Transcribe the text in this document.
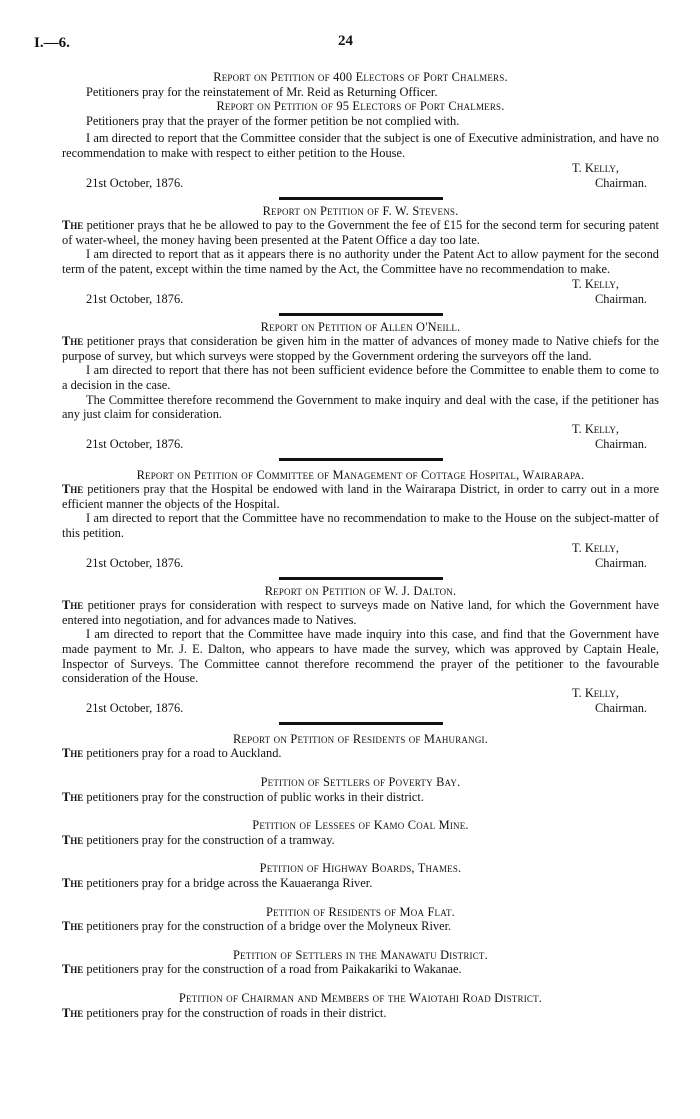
I.—6.	24

Report on Petition of 400 Electors of Port Chalmers.

Petitioners pray for the reinstatement of Mr. Reid as Returning Officer.

Report on Petition of 95 Electors of Port Chalmers.

Petitioners pray that the prayer of the former petition be not complied with.

I am directed to report that the Committee consider that the subject is one of Executive administration, and have no recommendation to make with respect to either petition to the House.

T. Kelly,
Chairman.
21st October, 1876.

Report on Petition of F. W. Stevens.

The petitioner prays that he be allowed to pay to the Government the fee of £15 for the second term for securing patent of water-wheel, the money having been presented at the Patent Office a day too late.

I am directed to report that as it appears there is no authority under the Patent Act to allow payment for the second term of the patent, except within the time named by the Act, the Committee have no recommendation to make.

T. Kelly,
Chairman.
21st October, 1876.

Report on Petition of Allen O'Neill.

The petitioner prays that consideration be given him in the matter of advances of money made to Native chiefs for the purpose of survey, but which surveys were stopped by the Government ordering the surveyors off the land.

I am directed to report that there has not been sufficient evidence before the Committee to enable them to come to a decision in the case.

The Committee therefore recommend the Government to make inquiry and deal with the case, if the petitioner has any just claim for consideration.

T. Kelly,
Chairman.
21st October, 1876.

Report on Petition of Committee of Management of Cottage Hospital, Wairarapa.

The petitioners pray that the Hospital be endowed with land in the Wairarapa District, in order to carry out in a more efficient manner the objects of the Hospital.

I am directed to report that the Committee have no recommendation to make to the House on the subject-matter of this petition.

T. Kelly,
Chairman.
21st October, 1876.

Report on Petition of W. J. Dalton.

The petitioner prays for consideration with respect to surveys made on Native land, for which the Government have entered into negotiation, and for advances made to Natives.

I am directed to report that the Committee have made inquiry into this case, and find that the Government have made payment to Mr. J. E. Dalton, who appears to have made the survey, which was approved by Captain Heale, Inspector of Surveys. The Committee cannot therefore recommend the prayer of the petitioner to the favourable consideration of the House.

T. Kelly,
Chairman.
21st October, 1876.

Report on Petition of Residents of Mahurangi.

The petitioners pray for a road to Auckland.

Petition of Settlers of Poverty Bay.

The petitioners pray for the construction of public works in their district.

Petition of Lessees of Kamo Coal Mine.

The petitioners pray for the construction of a tramway.

Petition of Highway Boards, Thames.

The petitioners pray for a bridge across the Kauaeranga River.

Petition of Residents of Moa Flat.

The petitioners pray for the construction of a bridge over the Molyneux River.

Petition of Settlers in the Manawatu District.

The petitioners pray for the construction of a road from Paikakariki to Wakanae.

Petition of Chairman and Members of the Waiotahi Road District.

The petitioners pray for the construction of roads in their district.
